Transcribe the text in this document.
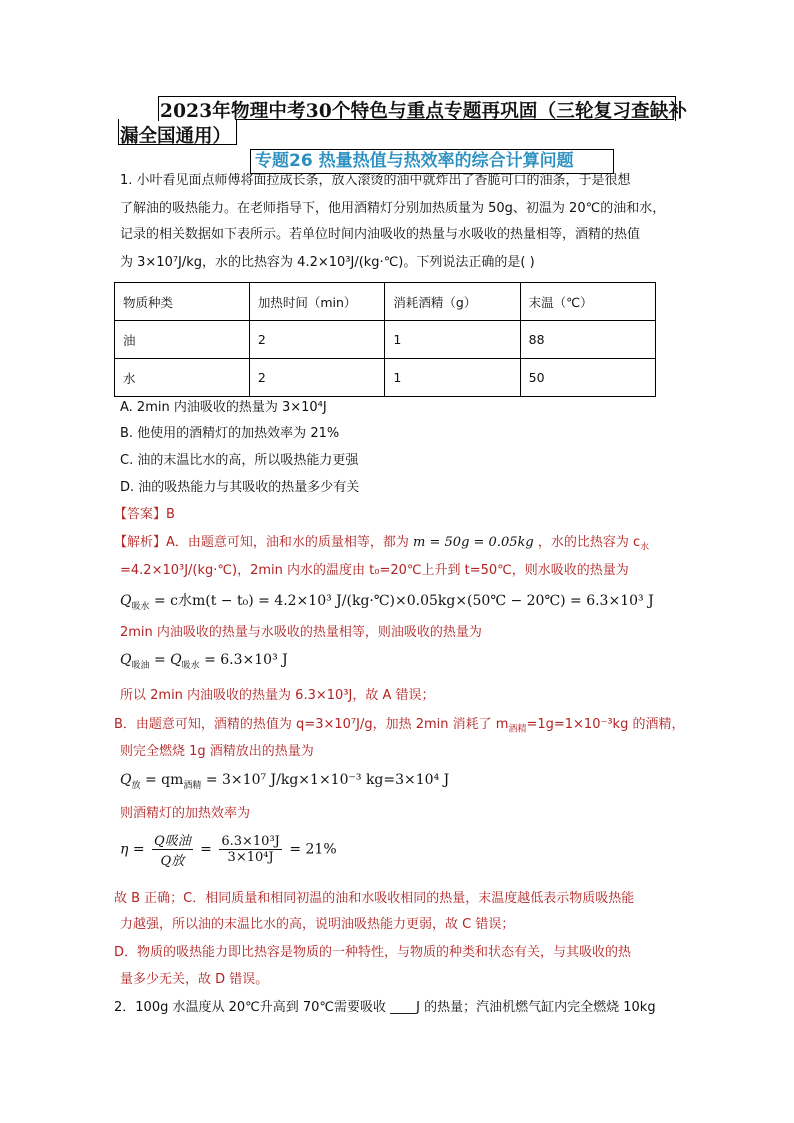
2023年物理中考30个特色与重点专题再巩固（三轮复习查缺补
漏全国通用）
专题26 热量热值与热效率的综合计算问题
1. 小叶看见面点师傅将面拉成长条，放入滚烫的油中就炸出了香脆可口的油条，于是很想
了解油的吸热能力。在老师指导下，他用酒精灯分别加热质量为 50g、初温为 20℃的油和水，
记录的相关数据如下表所示。若单位时间内油吸收的热量与水吸收的热量相等，酒精的热值
为 3×10⁷J/kg，水的比热容为 4.2×10³J/(kg·℃)。下列说法正确的是( )
物质种类	加热时间（min）	消耗酒精（g）	末温（℃）
油	2	1	88
水	2	1	50
A. 2min 内油吸收的热量为 3×10⁴J
B. 他使用的酒精灯的加热效率为 21%
C. 油的末温比水的高，所以吸热能力更强
D. 油的吸热能力与其吸收的热量多少有关
【答案】B
【解析】A．由题意可知，油和水的质量相等，都为 m = 50g = 0.05kg ，水的比热容为 $c_水$
=4.2×10³J/(kg·℃)，2min 内水的温度由 t₀=20℃上升到 t=50℃，则水吸收的热量为
$Q_{吸水} = c$水m(t − t₀) = 4.2×10³ J/(kg·℃)×0.05kg×(50℃ − 20℃) = 6.3×10³ J
2min 内油吸收的热量与水吸收的热量相等，则油吸收的热量为
$Q_{吸油} = Q_{吸水} = 6.3\times 10^3$ J
所以 2min 内油吸收的热量为 6.3×10³J，故 A 错误；
B．由题意可知，酒精的热值为 q=3×10⁷J/g，加热 2min 消耗了 $m_{酒精}=1g=1\times 10^{-3}kg$ 的酒精，
则完全燃烧 1g 酒精放出的热量为
$Q_放 = qm_{酒精} = 3\times 10^7$ J/kg×1×10⁻³ kg=3×10⁴ J
则酒精灯的加热效率为
$\eta = \frac{\text{Q吸油}}{\text{Q放}} = \frac{\text{6.3×10³J}}{\text{3×10⁴J}} = 21\%$
故 B 正确；C．相同质量和相同初温的油和水吸收相同的热量，末温度越低表示物质吸热能
力越强，所以油的末温比水的高，说明油吸热能力更弱，故 C 错误；
D．物质的吸热能力即比热容是物质的一种特性，与物质的种类和状态有关，与其吸收的热
量多少无关，故 D 错误。
2．100g 水温度从 20℃升高到 70℃需要吸收 ____J 的热量；汽油机燃气缸内完全燃烧 10kg
